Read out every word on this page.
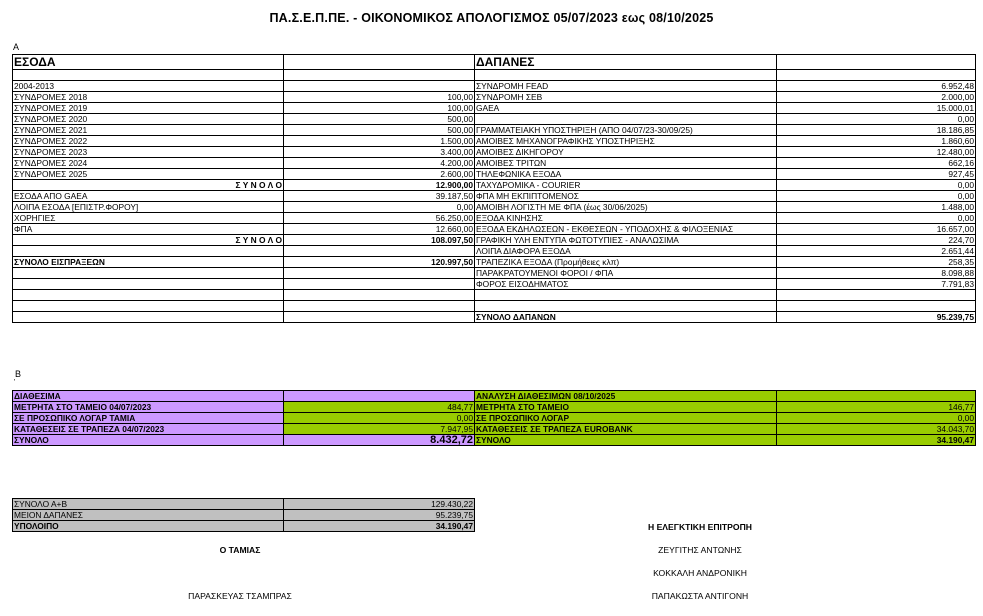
ΠΑ.Σ.Ε.Π.ΠΕ. - ΟΙΚΟΝΟΜΙΚΟΣ ΑΠΟΛΟΓΙΣΜΟΣ 05/07/2023 εως 08/10/2025
Α
ΕΣΟΔΑ		ΔΑΠΑΝΕΣ	

2004-2013		ΣΥΝΔΡΟΜΗ FEAD	6.952,48
ΣΥΝΔΡΟΜΕΣ 2018	100,00	ΣΥΝΔΡΟΜΗ ΣΕΒ	2.000,00
ΣΥΝΔΡΟΜΕΣ 2019	100,00	GAEA	15.000,01
ΣΥΝΔΡΟΜΕΣ 2020	500,00		0,00
ΣΥΝΔΡΟΜΕΣ 2021	500,00	ΓΡΑΜΜΑΤΕΙΑΚΗ ΥΠΟΣΤΗΡΙΞΗ (ΑΠΟ 04/07/23-30/09/25)	18.186,85
ΣΥΝΔΡΟΜΕΣ 2022	1.500,00	ΑΜΟΙΒΕΣ ΜΗΧΑΝΟΓΡΑΦΙΚΗΣ ΥΠΟΣΤΗΡΙΞΗΣ	1.860,60
ΣΥΝΔΡΟΜΕΣ 2023	3.400,00	ΑΜΟΙΒΕΣ ΔΙΚΗΓΟΡΟΥ	12.480,00
ΣΥΝΔΡΟΜΕΣ 2024	4.200,00	ΑΜΟΙΒΕΣ ΤΡΙΤΩΝ	662,16
ΣΥΝΔΡΟΜΕΣ 2025	2.600,00	ΤΗΛΕΦΩΝΙΚΑ ΕΞΟΔΑ	927,45
Σ Υ Ν Ο Λ Ο	12.900,00	ΤΑΧΥΔΡΟΜΙΚΑ - COURIER	0,00
ΕΣΟΔΑ ΑΠΟ GAEA	39.187,50	ΦΠΑ ΜΗ ΕΚΠΙΠΤΟΜΕΝΟΣ	0,00
ΛΟΙΠΑ ΕΣΟΔΑ [ΕΠΙΣΤΡ.ΦΟΡΟΥ]	0,00	ΑΜΟΙΒΗ ΛΟΓΙΣΤΗ ΜΕ ΦΠΑ (έως 30/06/2025)	1.488,00
ΧΟΡΗΓΙΕΣ	56.250,00	ΕΞΟΔΑ ΚΙΝΗΣΗΣ	0,00
ΦΠΑ	12.660,00	ΕΞΟΔΑ ΕΚΔΗΛΩΣΕΩΝ - ΕΚΘΕΣΕΩΝ - ΥΠΟΔΟΧΗΣ & ΦΙΛΟΞΕΝΙΑΣ	16.657,00
Σ Υ Ν Ο Λ Ο	108.097,50	ΓΡΑΦΙΚΗ ΥΛΗ ΕΝΤΥΠΑ ΦΩΤΟΤΥΠΙΕΣ - ΑΝΑΛΩΣΙΜΑ	224,70
		ΛΟΙΠΑ ΔΙΑΦΟΡΑ ΕΞΟΔΑ	2.651,44
ΣΥΝΟΛΟ ΕΙΣΠΡΑΞΕΩΝ	120.997,50	ΤΡΑΠΕΖΙΚΑ ΕΞΟΔΑ (Προμήθειες κλπ)	258,35
		ΠΑΡΑΚΡΑΤΟΥΜΕΝΟΙ ΦΟΡΟΙ / ΦΠΑ	8.098,88
		ΦΟΡΟΣ ΕΙΣΟΔΗΜΑΤΟΣ	7.791,83

		ΣΥΝΟΛΟ ΔΑΠΑΝΩΝ	95.239,75
Β
'
ΔΙΑΘΕΣΙΜΑ		ΑΝΑΛΥΣΗ ΔΙΑΘΕΣΙΜΩΝ 08/10/2025	
ΜΕΤΡΗΤΑ ΣΤΟ ΤΑΜΕΙΟ 04/07/2023	484,77	ΜΕΤΡΗΤΑ ΣΤΟ ΤΑΜΕΙΟ	146,77
ΣΕ ΠΡΟΣΩΠΙΚΟ ΛΟΓΑΡ ΤΑΜΙΑ	0,00	ΣΕ ΠΡΟΣΩΠΙΚΟ ΛΟΓΑΡ	0,00
ΚΑΤΑΘΕΣΕΙΣ ΣΕ ΤΡΑΠΕΖΑ 04/07/2023	7.947,95	ΚΑΤΑΘΕΣΕΙΣ ΣΕ ΤΡΑΠΕΖΑ EUROBANK	34.043,70
ΣΥΝΟΛΟ	8.432,72	ΣΥΝΟΛΟ	34.190,47
ΣΥΝΟΛΟ Α+Β	129.430,22
ΜΕΙΟΝ ΔΑΠΑΝΕΣ	95.239,75
ΥΠΟΛΟΙΠΟ	34.190,47
Ο ΤΑΜΙΑΣ
ΠΑΡΑΣΚΕΥΑΣ ΤΣΑΜΠΡΑΣ
Η ΕΛΕΓΚΤΙΚΗ ΕΠΙΤΡΟΠΗ
ΖΕΥΓΙΤΗΣ ΑΝΤΩΝΗΣ
ΚΟΚΚΑΛΗ ΑΝΔΡΟΝΙΚΗ
ΠΑΠΑΚΩΣΤΑ ΑΝΤΙΓΟΝΗ
